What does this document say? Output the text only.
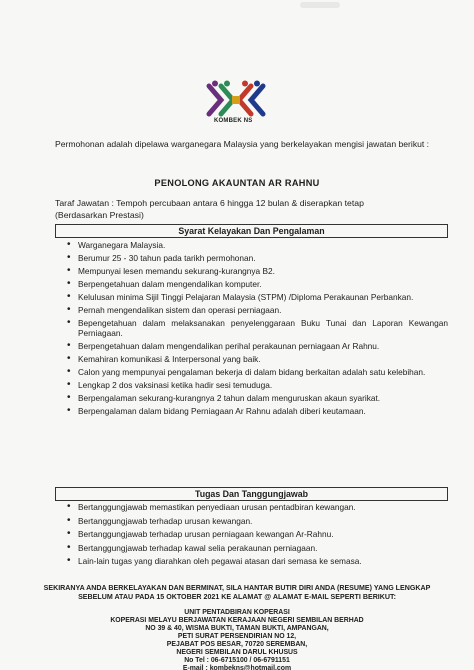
KOMBEK NS

Permohonan adalah dipelawa warganegara Malaysia yang berkelayakan mengisi jawatan berikut :

PENOLONG AKAUNTAN AR RAHNU

Taraf Jawatan : Tempoh percubaan antara 6 hingga 12 bulan & diserapkan tetap (Berdasarkan Prestasi)

Syarat Kelayakan Dan Pengalaman
• Warganegara Malaysia.
• Berumur 25 - 30 tahun pada tarikh permohonan.
• Mempunyai lesen memandu sekurang-kurangnya B2.
• Berpengetahuan dalam mengendalikan komputer.
• Kelulusan minima Sijil Tinggi Pelajaran Malaysia (STPM) /Diploma Perakaunan Perbankan.
• Pernah mengendalikan sistem dan operasi perniagaan.
• Bepengetahuan dalam melaksanakan penyelenggaraan Buku Tunai dan Laporan Kewangan Perniagaan.
• Berpengetahuan dalam mengendalikan perihal perakaunan perniagaan Ar Rahnu.
• Kemahiran komunikasi & Interpersonal yang baik.
• Calon yang mempunyai pengalaman bekerja di dalam bidang berkaitan adalah satu kelebihan.
• Lengkap 2 dos vaksinasi ketika hadir sesi temuduga.
• Berpengalaman sekurang-kurangnya 2 tahun dalam menguruskan akaun syarikat.
• Berpengalaman dalam bidang Perniagaan Ar Rahnu adalah diberi keutamaan.
Tugas Dan Tanggungjawab
• Bertanggungjawab memastikan penyediaan urusan pentadbiran kewangan.
• Bertanggungjawab terhadap urusan kewangan.
• Bertanggungjawab terhadap urusan perniagaan kewangan Ar-Rahnu.
• Bertanggungjawab terhadap kawal selia perakaunan perniagaan.
• Lain-lain tugas yang diarahkan oleh pegawai atasan dari semasa ke semasa.

SEKIRANYA ANDA BERKELAYAKAN DAN BERMINAT, SILA HANTAR BUTIR DIRI ANDA (RESUME) YANG LENGKAP SEBELUM ATAU PADA 15 OKTOBER 2021 KE ALAMAT @ ALAMAT E-MAIL SEPERTI BERIKUT:

UNIT PENTADBIRAN KOPERASI
KOPERASI MELAYU BERJAWATAN KERAJAAN NEGERI SEMBILAN BERHAD
NO 39 & 40, WISMA BUKTI, TAMAN BUKTI, AMPANGAN,
PETI SURAT PERSENDIRIAN NO 12,
PEJABAT POS BESAR, 70720 SEREMBAN,
NEGERI SEMBILAN DARUL KHUSUS
No Tel : 06-6715100 / 06-6791151
E-mail : kombekns@hotmail.com
